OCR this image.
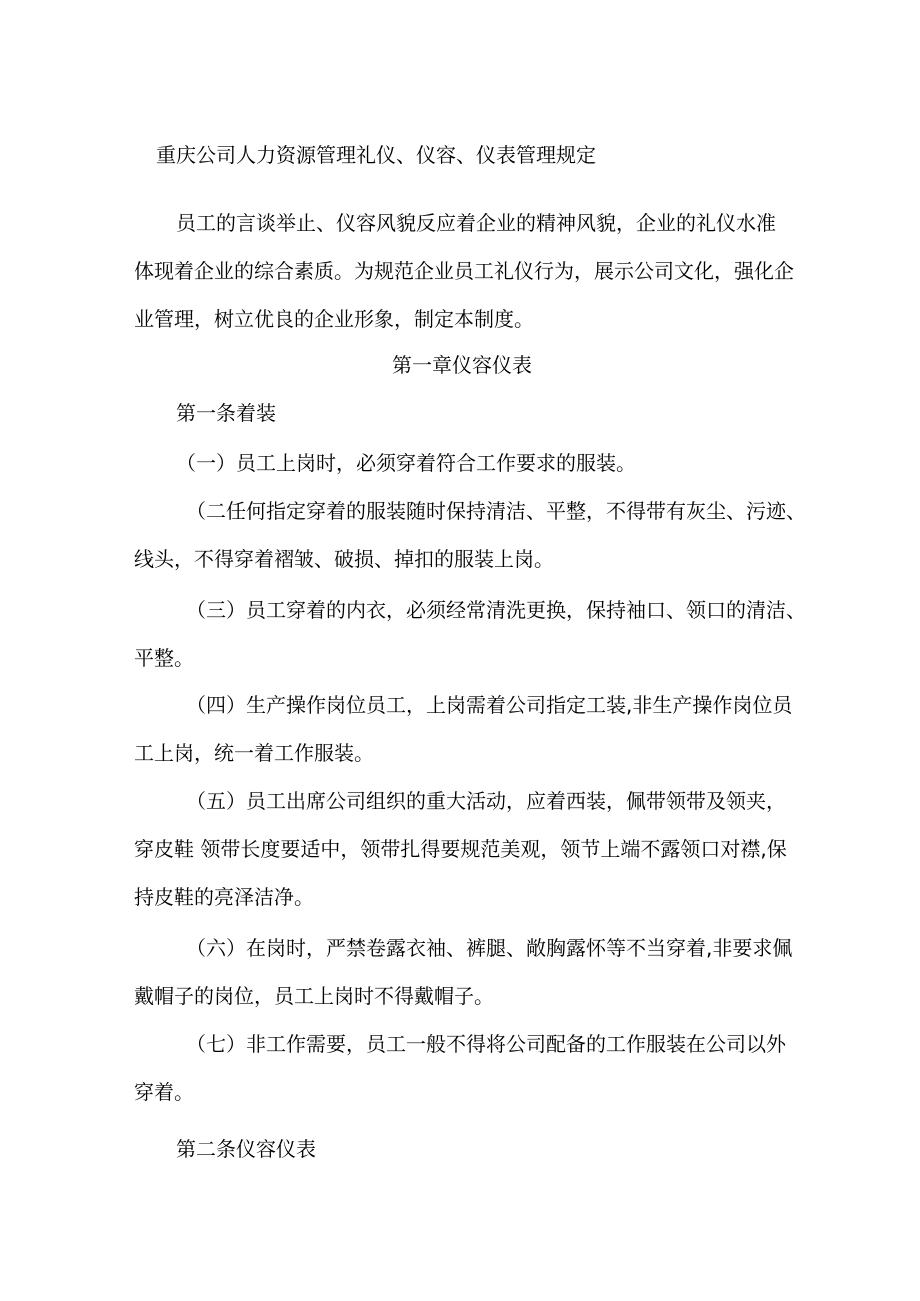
重庆公司人力资源管理礼仪、仪容、仪表管理规定

员工的言谈举止、仪容风貌反应着企业的精神风貌，企业的礼仪水准

体现着企业的综合素质。为规范企业员工礼仪行为，展示公司文化，强化企

业管理，树立优良的企业形象，制定本制度。

第一章仪容仪表

第一条着装

（一）员工上岗时，必须穿着符合工作要求的服装。

（二任何指定穿着的服装随时保持清洁、平整，不得带有灰尘、污迹、

线头，不得穿着褶皱、破损、掉扣的服装上岗。

（三）员工穿着的内衣，必须经常清洗更换，保持袖口、领口的清洁、

平整。

（四）生产操作岗位员工，上岗需着公司指定工装,非生产操作岗位员

工上岗，统一着工作服装。

（五）员工出席公司组织的重大活动，应着西装，佩带领带及领夹，

穿皮鞋 领带长度要适中，领带扎得要规范美观，领节上端不露领口对襟,保

持皮鞋的亮泽洁净。

（六）在岗时，严禁卷露衣袖、裤腿、敞胸露怀等不当穿着,非要求佩

戴帽子的岗位，员工上岗时不得戴帽子。

（七）非工作需要，员工一般不得将公司配备的工作服装在公司以外

穿着。

第二条仪容仪表
